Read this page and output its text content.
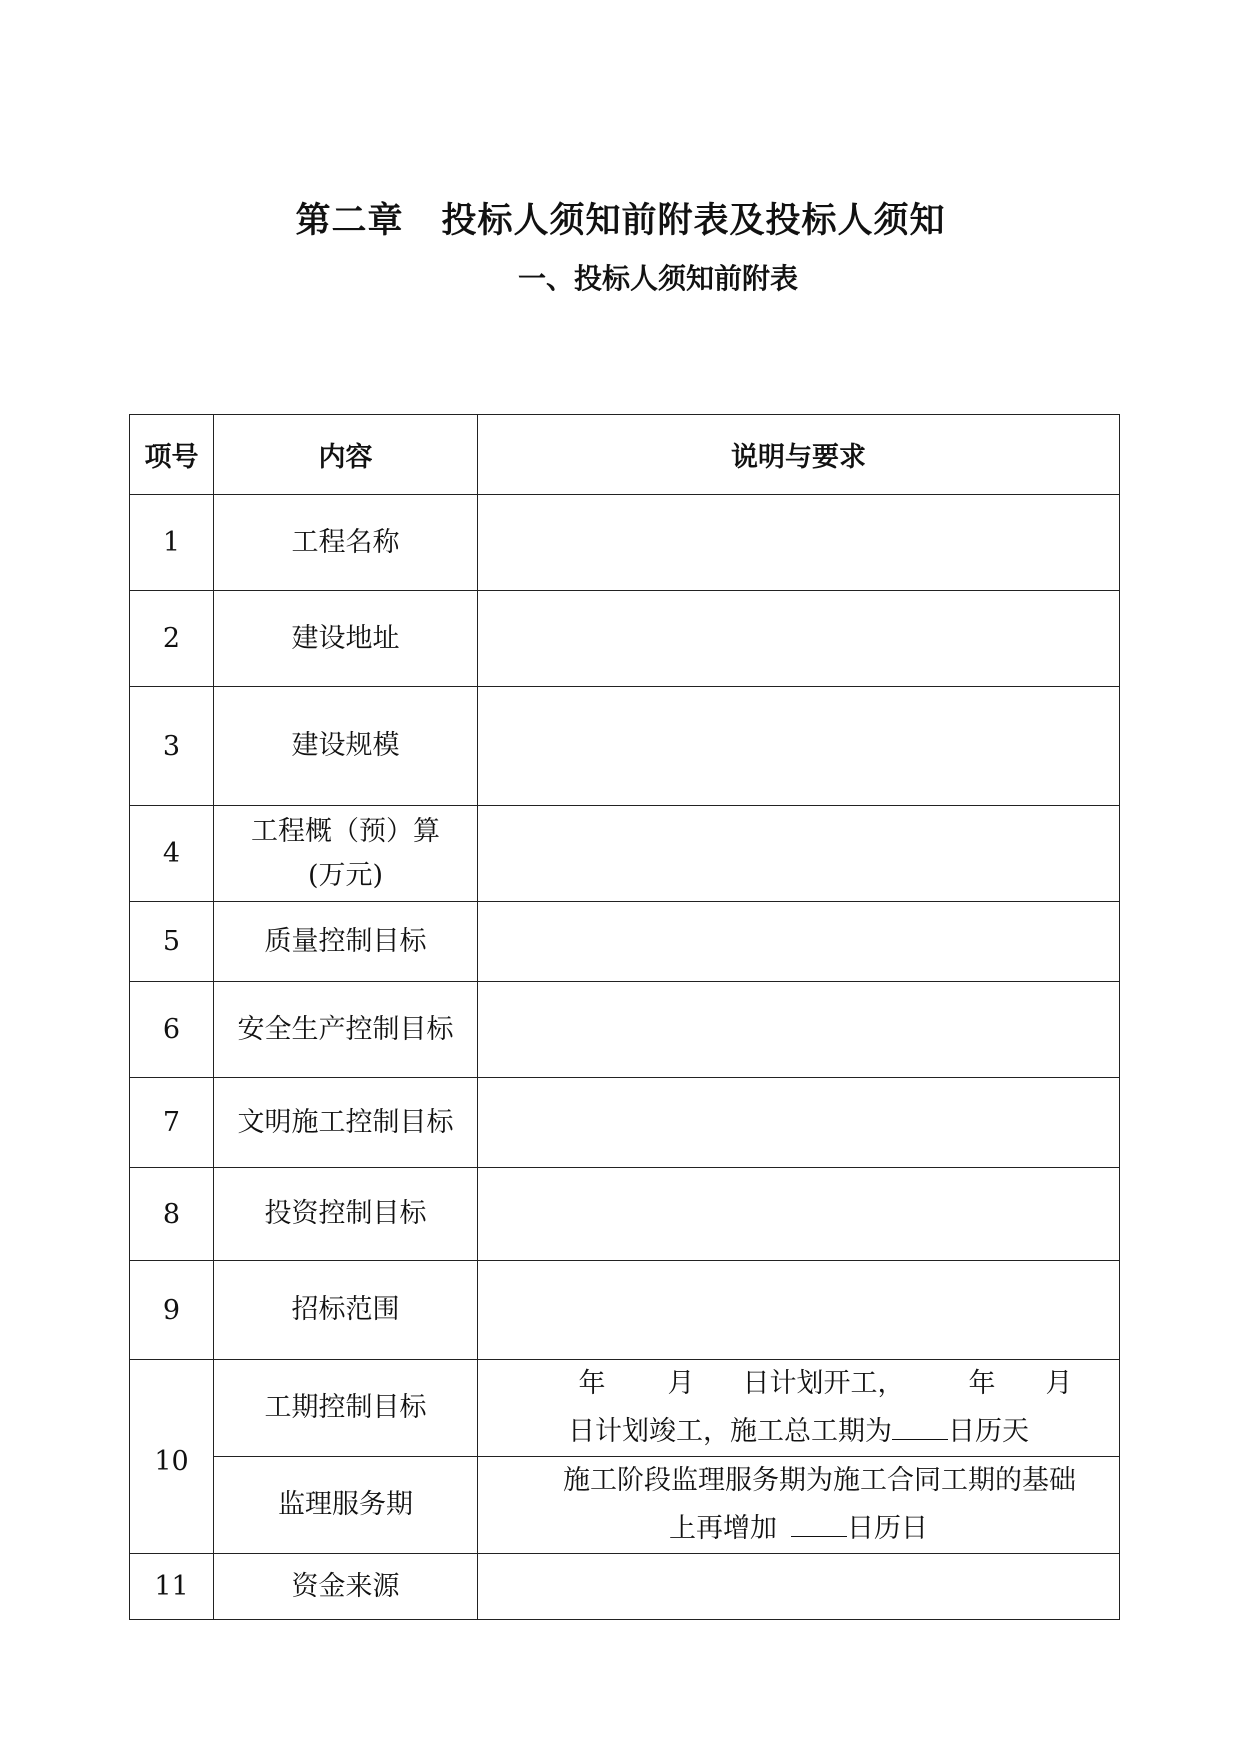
第二章 投标人须知前附表及投标人须知
一、投标人须知前附表
项号	内容	说明与要求
1	工程名称	
2	建设地址	
3	建设规模	
4	工程概（预）算(万元)	
5	质量控制目标	
6	安全生产控制目标	
7	文明施工控制目标	
8	投资控制目标	
9	招标范围	
10	工期控制目标	年 月 日计划开工， 年 月
日计划竣工，施工总工期为 日历天
	监理服务期	施工阶段监理服务期为施工合同工期的基础
上再增加 日历日
11	资金来源	
